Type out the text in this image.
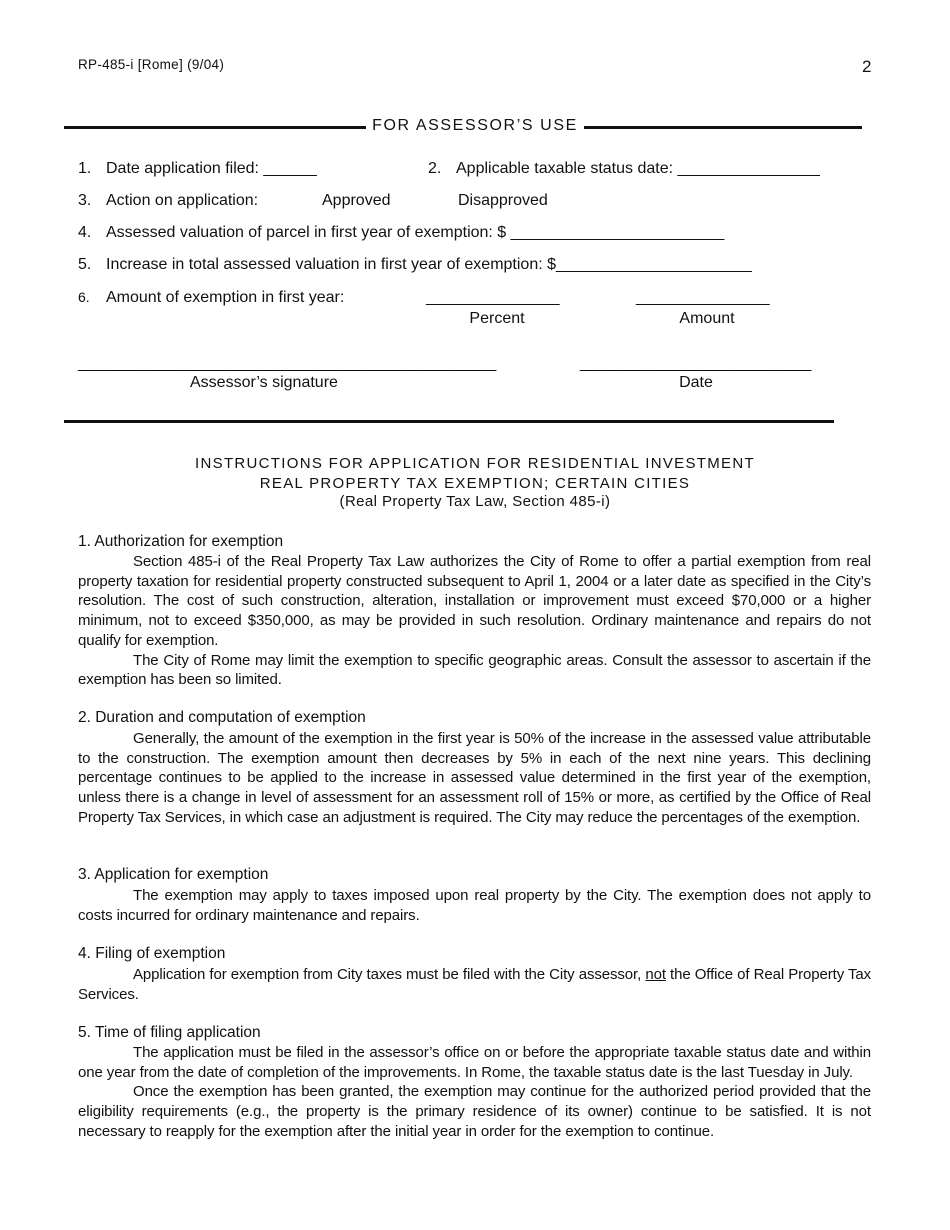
RP-485-i [Rome] (9/04)	2
FOR ASSESSOR’S USE
1. Date application filed: ______	2. Applicable taxable status date: ________________
3. Action on application:	Approved	Disapproved
4. Assessed valuation of parcel in first year of exemption: $ ________________________
5. Increase in total assessed valuation in first year of exemption: $______________________
6. Amount of exemption in first year:	_______________	_______________
Percent	Amount
_______________________________________________
Assessor’s signature
__________________________
Date
INSTRUCTIONS FOR APPLICATION FOR RESIDENTIAL INVESTMENT
REAL PROPERTY TAX EXEMPTION; CERTAIN CITIES
(Real Property Tax Law, Section 485-i)
1. Authorization for exemption

Section 485-i of the Real Property Tax Law authorizes the City of Rome to offer a partial exemption from real property taxation for residential property constructed subsequent to April 1, 2004 or a later date as specified in the City’s resolution. The cost of such construction, alteration, installation or improvement must exceed $70,000 or a higher minimum, not to exceed $350,000, as may be provided in such resolution. Ordinary maintenance and repairs do not qualify for exemption.

The City of Rome may limit the exemption to specific geographic areas. Consult the assessor to ascertain if the exemption has been so limited.

2. Duration and computation of exemption

Generally, the amount of the exemption in the first year is 50% of the increase in the assessed value attributable to the construction. The exemption amount then decreases by 5% in each of the next nine years. This declining percentage continues to be applied to the increase in assessed value determined in the first year of the exemption, unless there is a change in level of assessment for an assessment roll of 15% or more, as certified by the Office of Real Property Tax Services, in which case an adjustment is required. The City may reduce the percentages of the exemption.

3. Application for exemption

The exemption may apply to taxes imposed upon real property by the City. The exemption does not apply to costs incurred for ordinary maintenance and repairs.

4. Filing of exemption

Application for exemption from City taxes must be filed with the City assessor, not the Office of Real Property Tax Services.

5. Time of filing application

The application must be filed in the assessor’s office on or before the appropriate taxable status date and within one year from the date of completion of the improvements. In Rome, the taxable status date is the last Tuesday in July.

Once the exemption has been granted, the exemption may continue for the authorized period provided that the eligibility requirements (e.g., the property is the primary residence of its owner) continue to be satisfied. It is not necessary to reapply for the exemption after the initial year in order for the exemption to continue.
